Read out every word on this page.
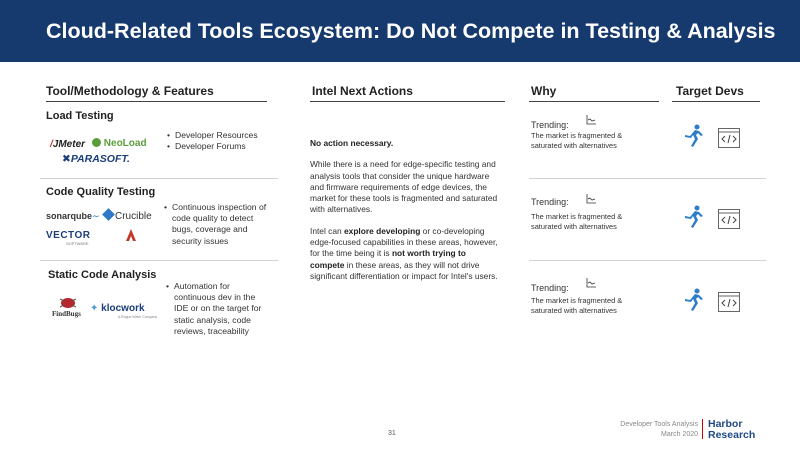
Cloud-Related Tools Ecosystem: Do Not Compete in Testing & Analysis
Tool/Methodology & Features	Intel Next Actions	Why	Target Devs
Load Testing
/JMeter	NeoLoad
✖PARASOFT.
• Developer Resources
• Developer Forums
Code Quality Testing
sonarqube∼	Crucible
VECTOR
SOFTWARE
• Continuous inspection of code quality to detect bugs, coverage and security issues
Static Code Analysis
FindBugs ✦ klocwork
A Rogue Wave Company
• Automation for continuous dev in the IDE or on the target for static analysis, code reviews, traceability

No action necessary.

While there is a need for edge-specific testing and analysis tools that consider the unique hardware and firmware requirements of edge devices, the market for these tools is fragmented and saturated with alternatives.

Intel can explore developing or co-developing edge-focused capabilities in these areas, however, for the time being it is not worth trying to compete in these areas, as they will not drive significant differentiation or impact for Intel's users.

Trending:
The market is fragmented & saturated with alternatives
Trending:
The market is fragmented & saturated with alternatives
Trending:
The market is fragmented & saturated with alternatives
31
Developer Tools Analysis
March 2020
Harbor
Research
